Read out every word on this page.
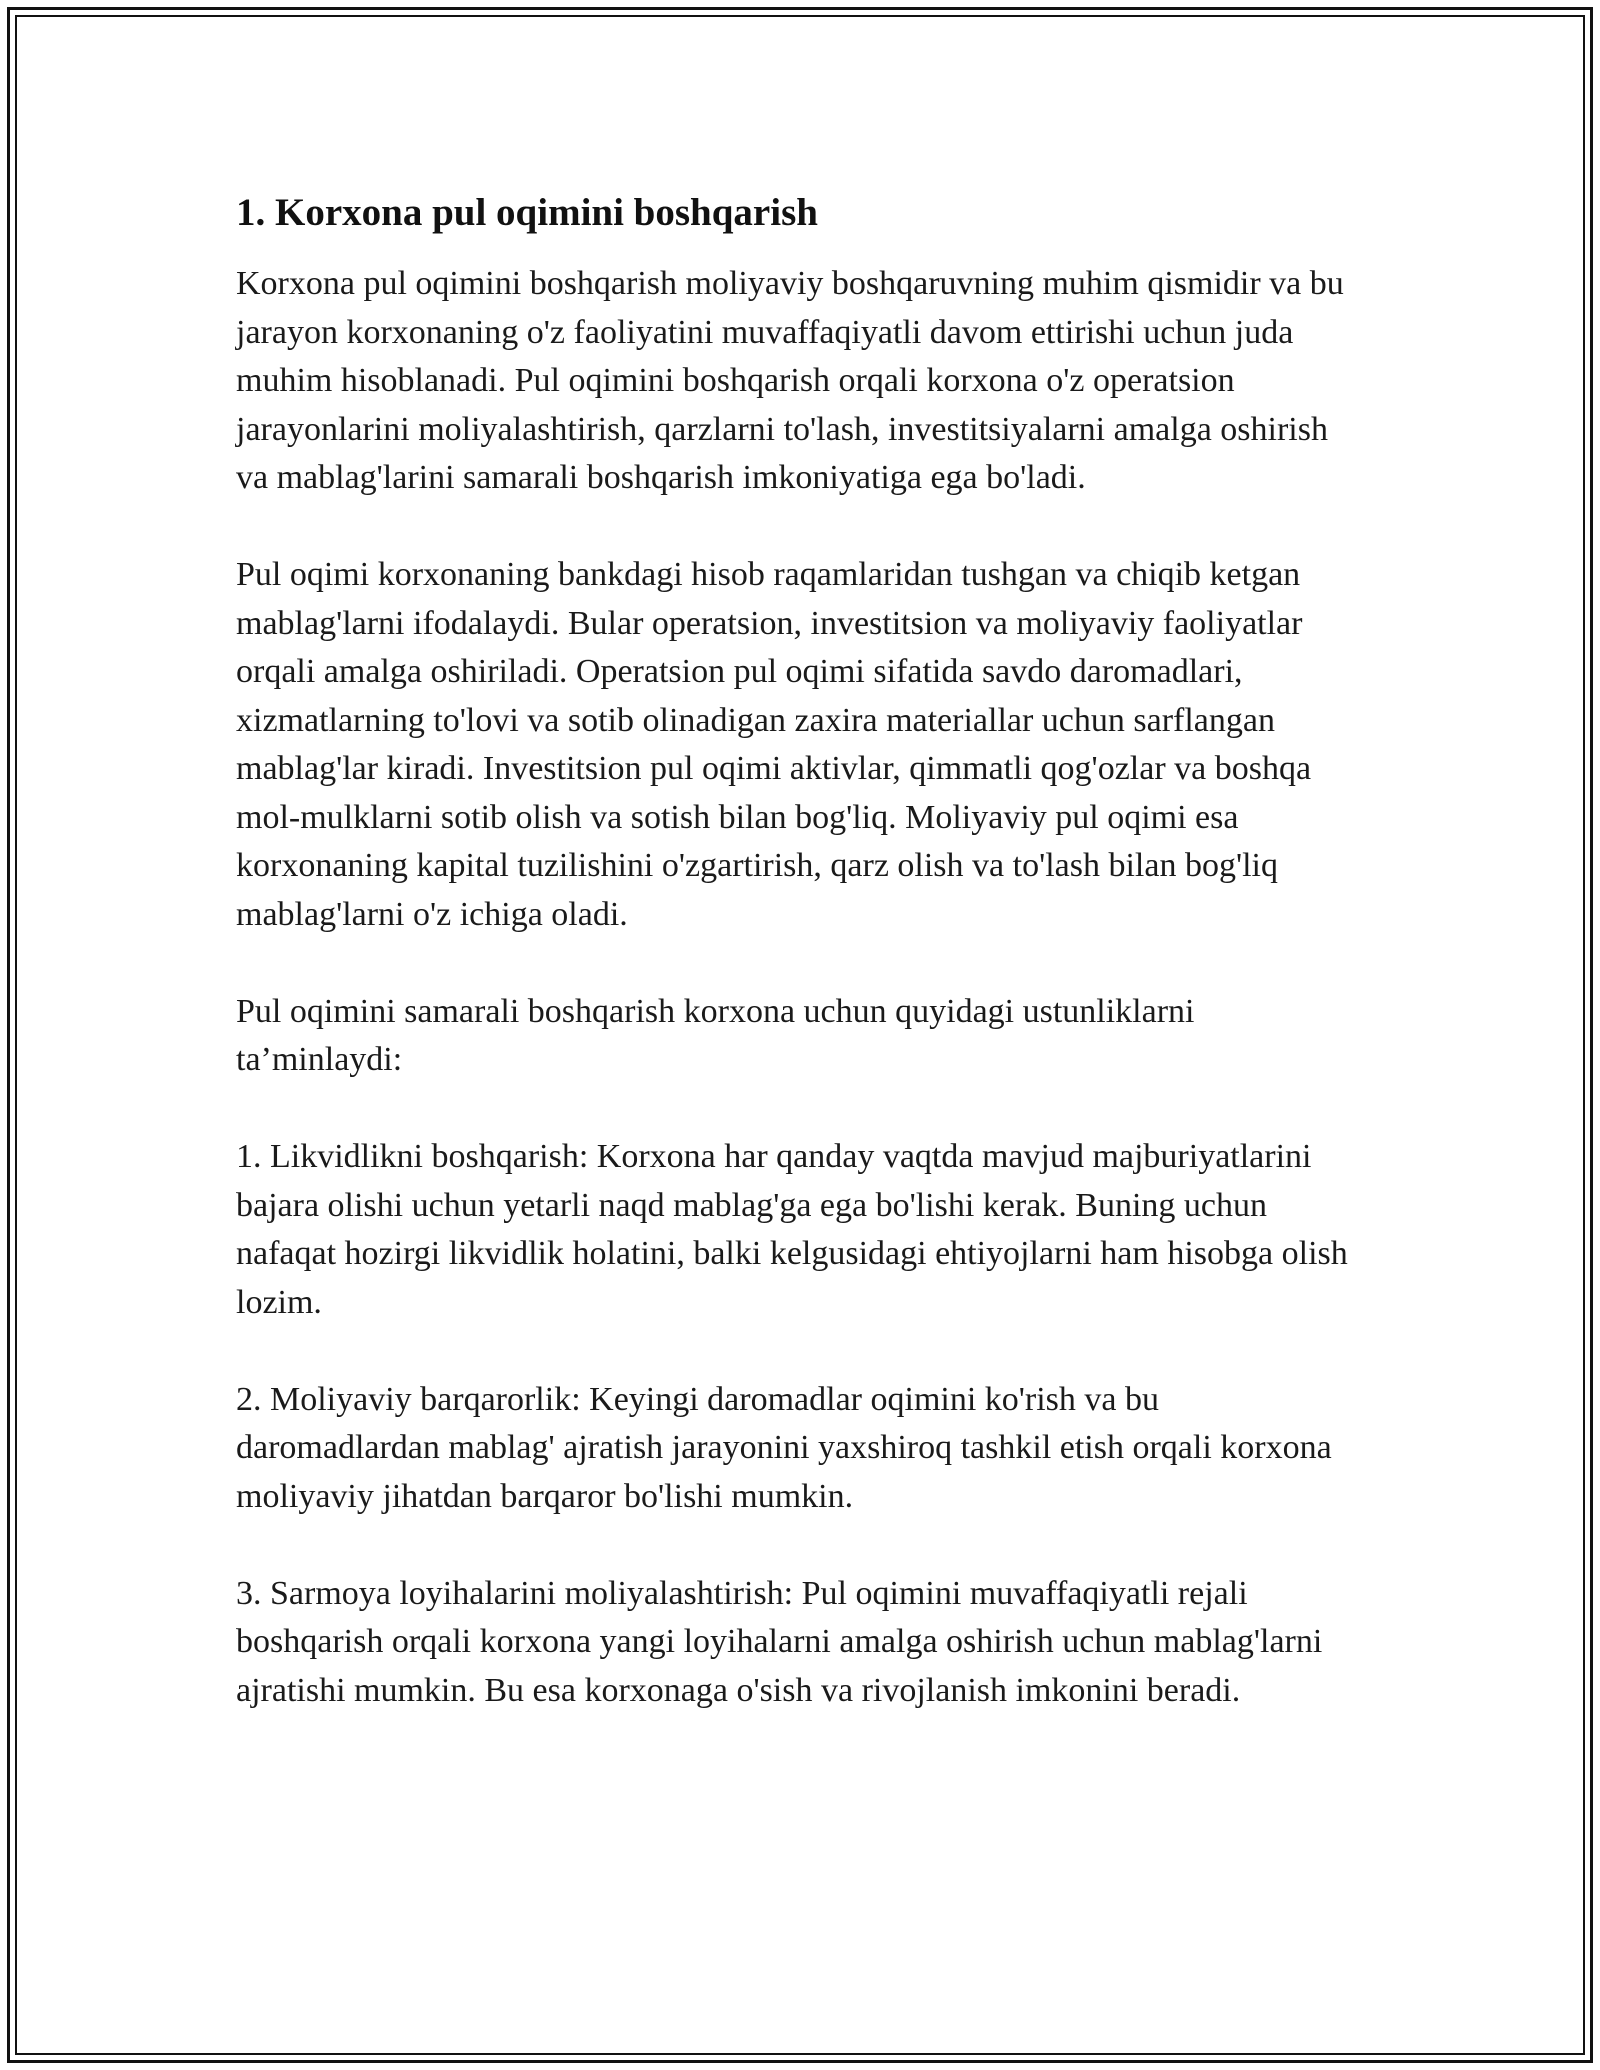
1. Korxona pul oqimini boshqarish

Korxona pul oqimini boshqarish moliyaviy boshqaruvning muhim qismidir va bu jarayon korxonaning o'z faoliyatini muvaffaqiyatli davom ettirishi uchun juda muhim hisoblanadi. Pul oqimini boshqarish orqali korxona o'z operatsion jarayonlarini moliyalashtirish, qarzlarni to'lash, investitsiyalarni amalga oshirish va mablag'larini samarali boshqarish imkoniyatiga ega bo'ladi.

Pul oqimi korxonaning bankdagi hisob raqamlaridan tushgan va chiqib ketgan mablag'larni ifodalaydi. Bular operatsion, investitsion va moliyaviy faoliyatlar orqali amalga oshiriladi. Operatsion pul oqimi sifatida savdo daromadlari, xizmatlarning to'lovi va sotib olinadigan zaxira materiallar uchun sarflangan mablag'lar kiradi. Investitsion pul oqimi aktivlar, qimmatli qog'ozlar va boshqa mol-mulklarni sotib olish va sotish bilan bog'liq. Moliyaviy pul oqimi esa korxonaning kapital tuzilishini o'zgartirish, qarz olish va to'lash bilan bog'liq mablag'larni o'z ichiga oladi.

Pul oqimini samarali boshqarish korxona uchun quyidagi ustunliklarni ta’minlaydi:

1. Likvidlikni boshqarish: Korxona har qanday vaqtda mavjud majburiyatlarini bajara olishi uchun yetarli naqd mablag'ga ega bo'lishi kerak. Buning uchun nafaqat hozirgi likvidlik holatini, balki kelgusidagi ehtiyojlarni ham hisobga olish lozim.

2. Moliyaviy barqarorlik: Keyingi daromadlar oqimini ko'rish va bu daromadlardan mablag' ajratish jarayonini yaxshiroq tashkil etish orqali korxona moliyaviy jihatdan barqaror bo'lishi mumkin.

3. Sarmoya loyihalarini moliyalashtirish: Pul oqimini muvaffaqiyatli rejali boshqarish orqali korxona yangi loyihalarni amalga oshirish uchun mablag'larni ajratishi mumkin. Bu esa korxonaga o'sish va rivojlanish imkonini beradi.
